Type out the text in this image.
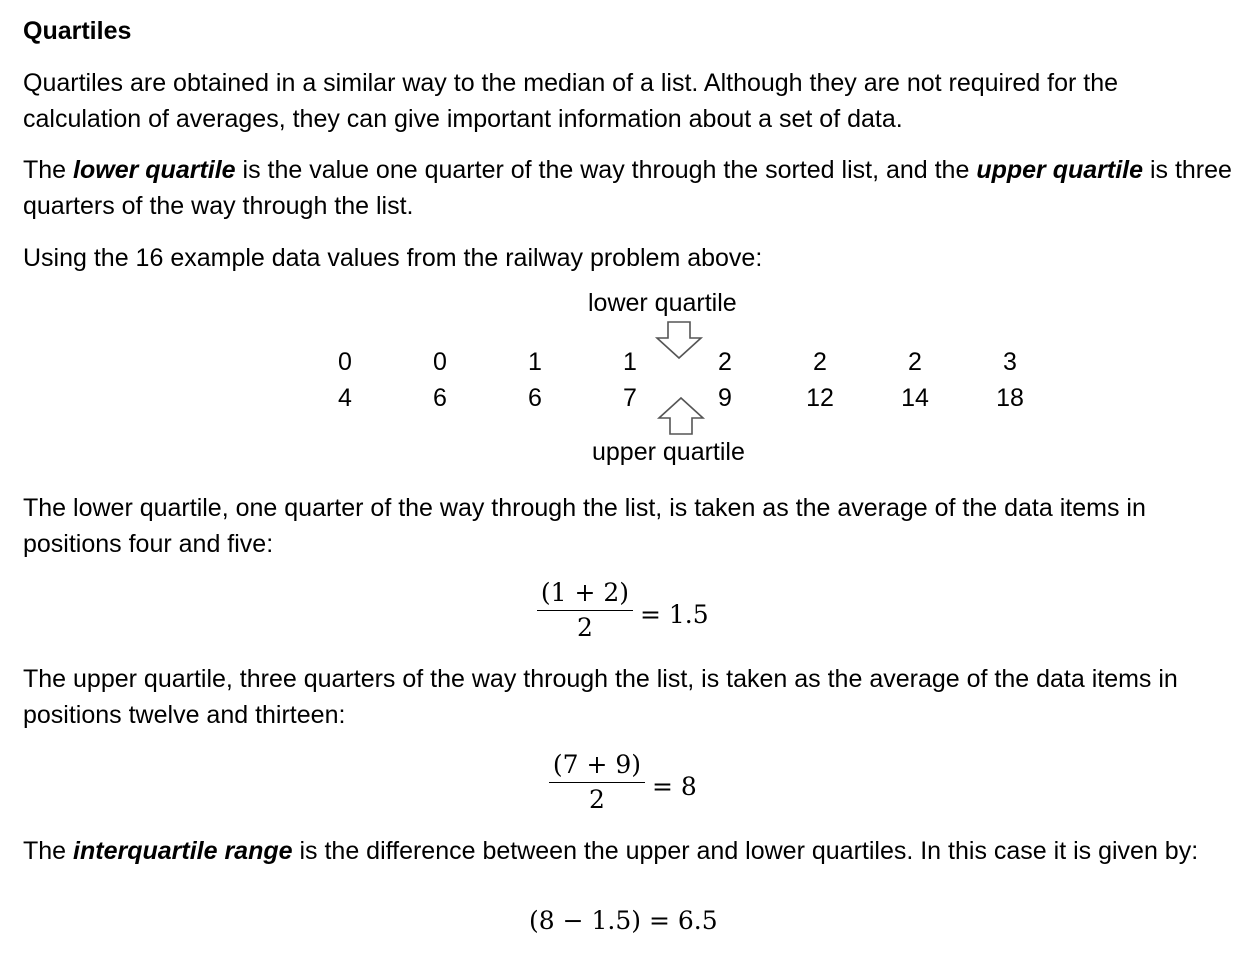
Quartiles

Quartiles are obtained in a similar way to the median of a list. Although they are not required for the calculation of averages, they can give important information about a set of data.

The lower quartile is the value one quarter of the way through the sorted list, and the upper quartile is three quarters of the way through the list.

Using the 16 example data values from the railway problem above:

lower quartile
0	0	1	1	2	2	2	3
4	6	6	7	9	12	14	18
upper quartile

The lower quartile, one quarter of the way through the list, is taken as the average of the data items in positions four and five:

(1 + 2)
2	= 1.5

The upper quartile, three quarters of the way through the list, is taken as the average of the data items in positions twelve and thirteen:

(7 + 9)
2	= 8

The interquartile range is the difference between the upper and lower quartiles. In this case it is given by:

(8 − 1.5) = 6.5
